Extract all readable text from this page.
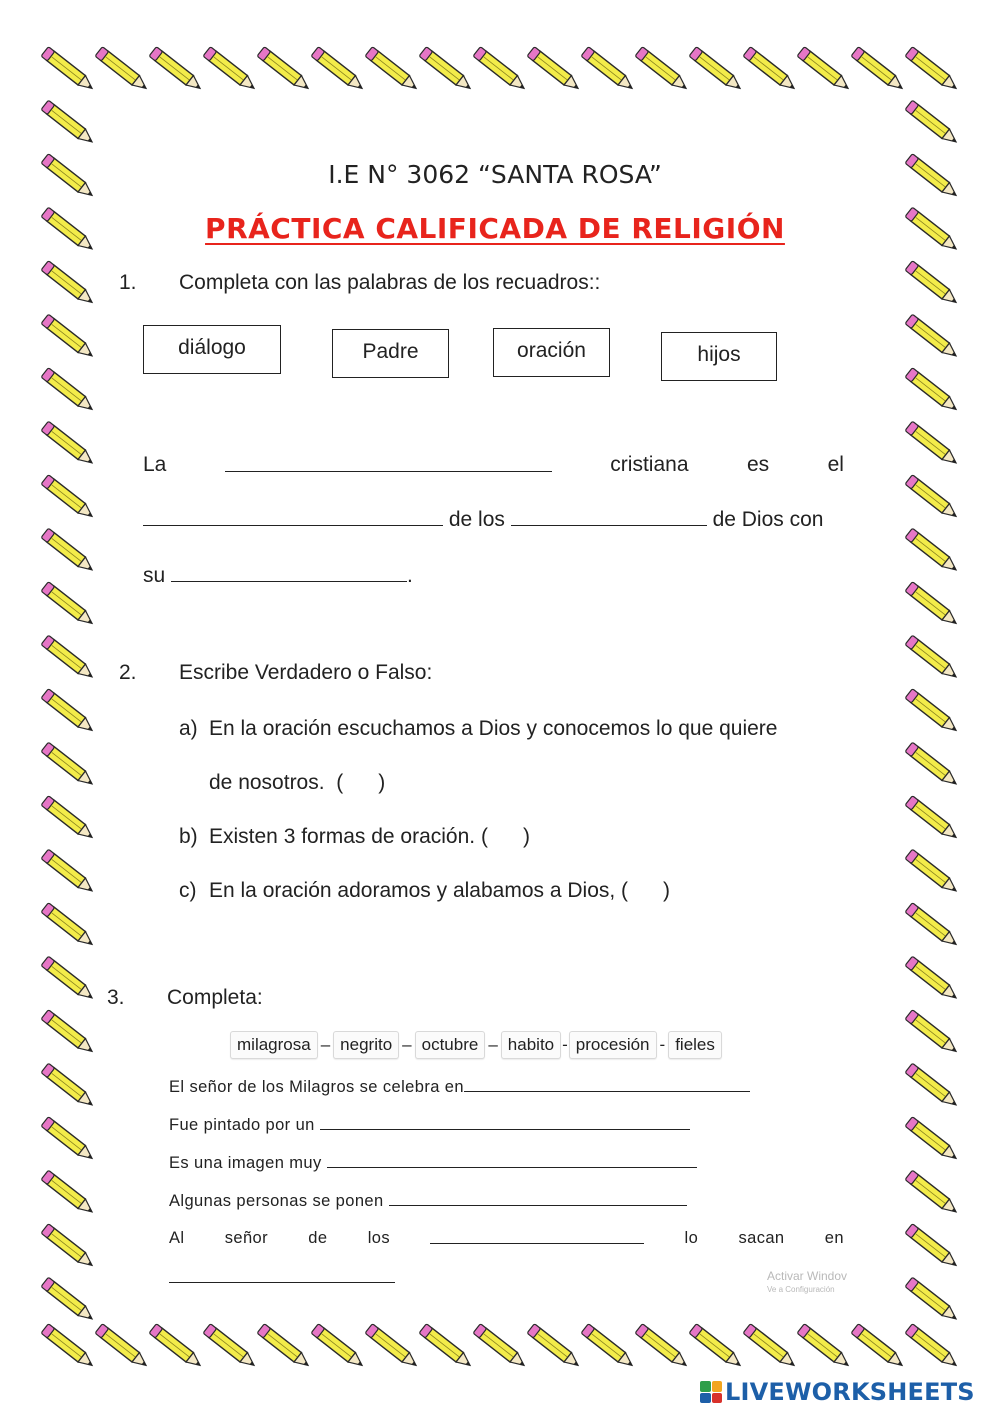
I.E N° 3062 “SANTA ROSA”
PRÁCTICA CALIFICADA DE RELIGIÓN
1. Completa con las palabras de los recuadros::
diálogo	Padre	oración	hijos
La	cristiana	es	el
de los	de Dios con
su	.
2. Escribe Verdadero o Falso:
a) En la oración escuchamos a Dios y conocemos lo que quiere
de nosotros.  (      )
b) Existen 3 formas de oración. (      )
c) En la oración adoramos y alabamos a Dios, (      )
3. Completa:
milagrosa – negrito – octubre – habito - procesión - fieles
El señor de los Milagros se celebra en
Fue pintado por un
Es una imagen muy
Algunas personas se ponen
Al señor de los	lo sacan en
Activar Windov
Ve a Configuración
LIVEWORKSHEETS
